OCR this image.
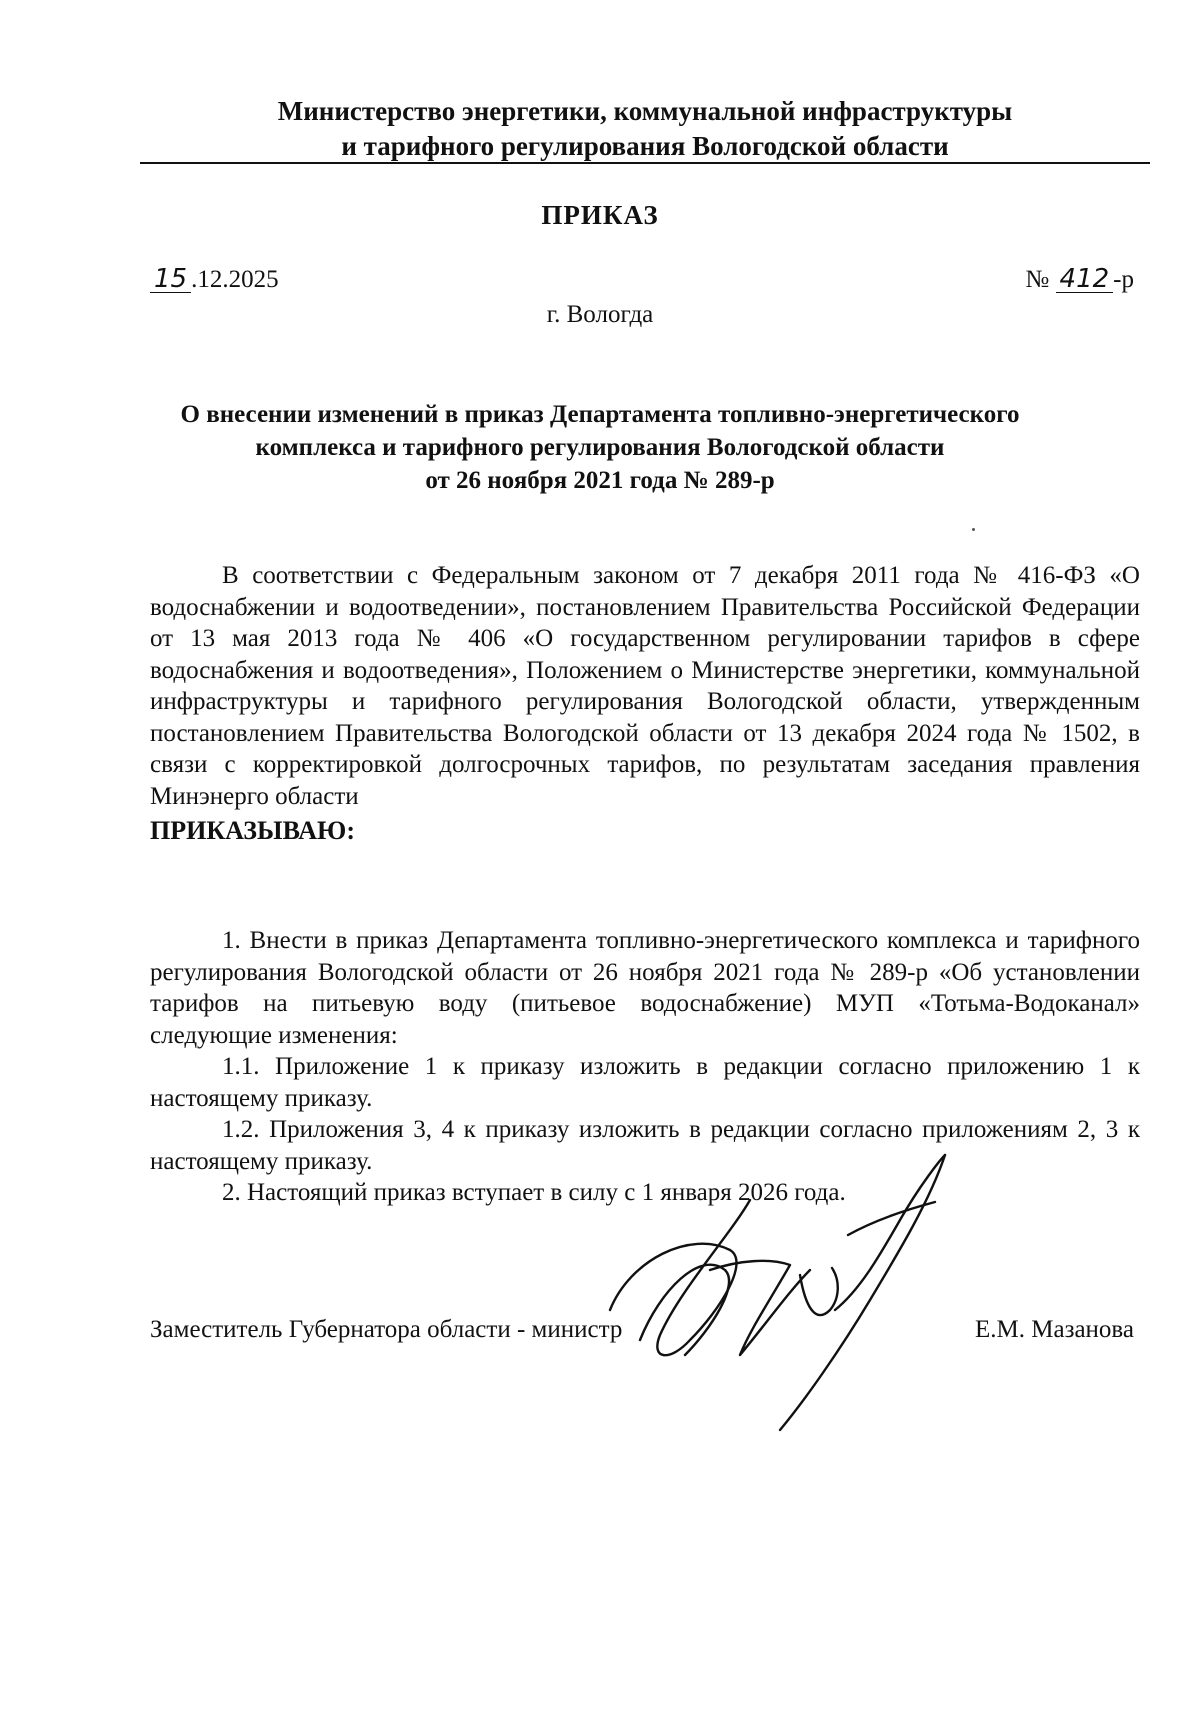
Министерство энергетики, коммунальной инфраструктуры
и тарифного регулирования Вологодской области
ПРИКАЗ
15 .12.2025	№ 412 -р
г. Вологда
О внесении изменений в приказ Департамента топливно-энергетического
комплекса и тарифного регулирования Вологодской области
от 26 ноября 2021 года № 289-р

В соответствии с Федеральным законом от 7 декабря 2011 года № 416-ФЗ «О водоснабжении и водоотведении», постановлением Правительства Российской Федерации от 13 мая 2013 года № 406 «О государственном регулировании тарифов в сфере водоснабжения и водоотведения», Положением о Министерстве энергетики, коммунальной инфраструктуры и тарифного регулирования Вологодской области, утвержденным постановлением Правительства Вологодской области от 13 декабря 2024 года № 1502, в связи с корректировкой долгосрочных тарифов, по результатам заседания правления Минэнерго области

ПРИКАЗЫВАЮ:

1. Внести в приказ Департамента топливно-энергетического комплекса и тарифного регулирования Вологодской области от 26 ноября 2021 года № 289-р «Об установлении тарифов на питьевую воду (питьевое водоснабжение) МУП «Тотьма-Водоканал» следующие изменения:

1.1. Приложение 1 к приказу изложить в редакции согласно приложению 1 к настоящему приказу.

1.2. Приложения 3, 4 к приказу изложить в редакции согласно приложениям 2, 3 к настоящему приказу.

2. Настоящий приказ вступает в силу с 1 января 2026 года.

Заместитель Губернатора области - министр	Е.М. Мазанова
